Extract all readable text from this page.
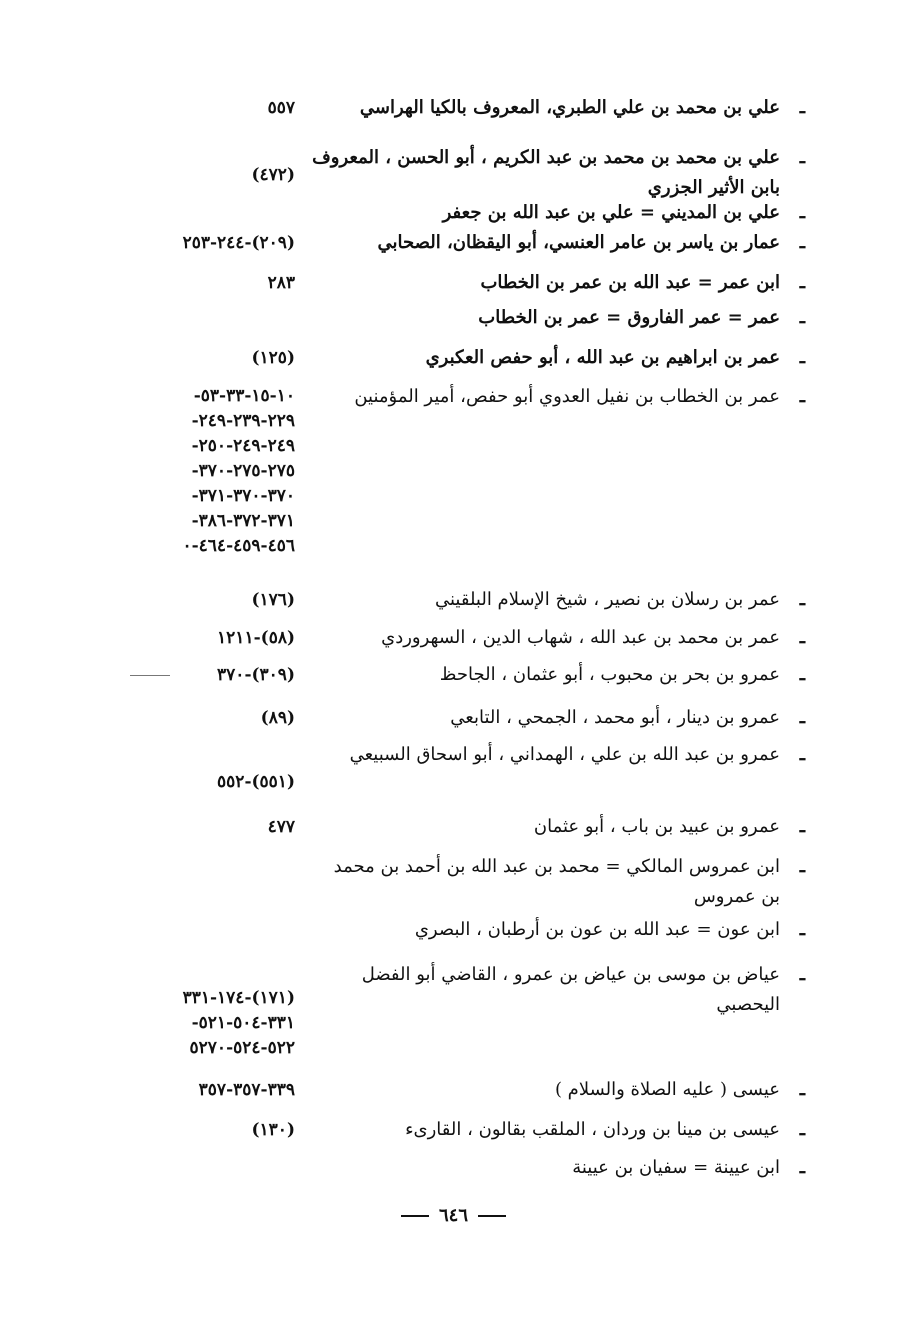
ـ
علي بن محمد بن علي الطبري، المعروف بالكيا الهراسي
٥٥٧
ـ
علي بن محمد بن محمد بن عبد الكريم ، أبو الحسن ، المعروف بابن الأثير الجزري
(٤٧٢)
ـ
علي بن المديني = علي بن عبد الله بن جعفر
ـ
عمار بن ياسر بن عامر العنسي، أبو اليقظان، الصحابي
(٢٠٩)-٢٤٤-٢٥٣
ـ
ابن عمر = عبد الله بن عمر بن الخطاب
٢٨٣
ـ
عمر = عمر الفاروق = عمر بن الخطاب
ـ
عمر بن ابراهيم بن عبد الله ، أبو حفص العكبري
(١٢٥)
ـ
عمر بن الخطاب بن نفيل العدوي أبو حفص، أمير المؤمنين
١٠-١٥-٣٣-٥٣-
٢٢٩-٢٣٩-٢٤٩-
٢٤٩-٢٤٩-٢٥٠-
٢٧٥-٢٧٥-٣٧٠-
٣٧٠-٣٧٠-٣٧١-
٣٧١-٣٧٢-٣٨٦-
٤٥٦-٤٥٩-٤٦٤-٠
ـ
عمر بن رسلان بن نصير ، شيخ الإسلام البلقيني
(١٧٦)
ـ
عمر بن محمد بن عبد الله ، شهاب الدين ، السهروردي
(٥٨)-١٢١١
ـ
عمرو بن بحر بن محبوب ، أبو عثمان ، الجاحظ
(٣٠٩)-٣٧٠
ـ
عمرو بن دينار ، أبو محمد ، الجمحي ، التابعي
(٨٩)
ـ
عمرو بن عبد الله بن علي ، الهمداني ، أبو اسحاق السبيعي
(٥٥١)-٥٥٢
ـ
عمرو بن عبيد بن باب ، أبو عثمان
٤٧٧
ـ
ابن عمروس المالكي = محمد بن عبد الله بن أحمد بن محمد بن عمروس
ـ
ابن عون = عبد الله بن عون بن أرطبان ، البصري
ـ
عياض بن موسى بن عياض بن عمرو ، القاضي أبو الفضل اليحصبي
(١٧١)-١٧٤-٣٣١
٣٣١-٥٠٤-٥٢١-
٥٢٢-٥٢٤-٥٢٧٠
ـ
عيسى ( عليه الصلاة والسلام )
٣٣٩-٣٥٧-٣٥٧
ـ
عيسى بن مينا بن وردان ، الملقب بقالون ، القارىء
(١٣٠)
ـ
ابن عيينة = سفيان بن عيينة
٦٤٦
